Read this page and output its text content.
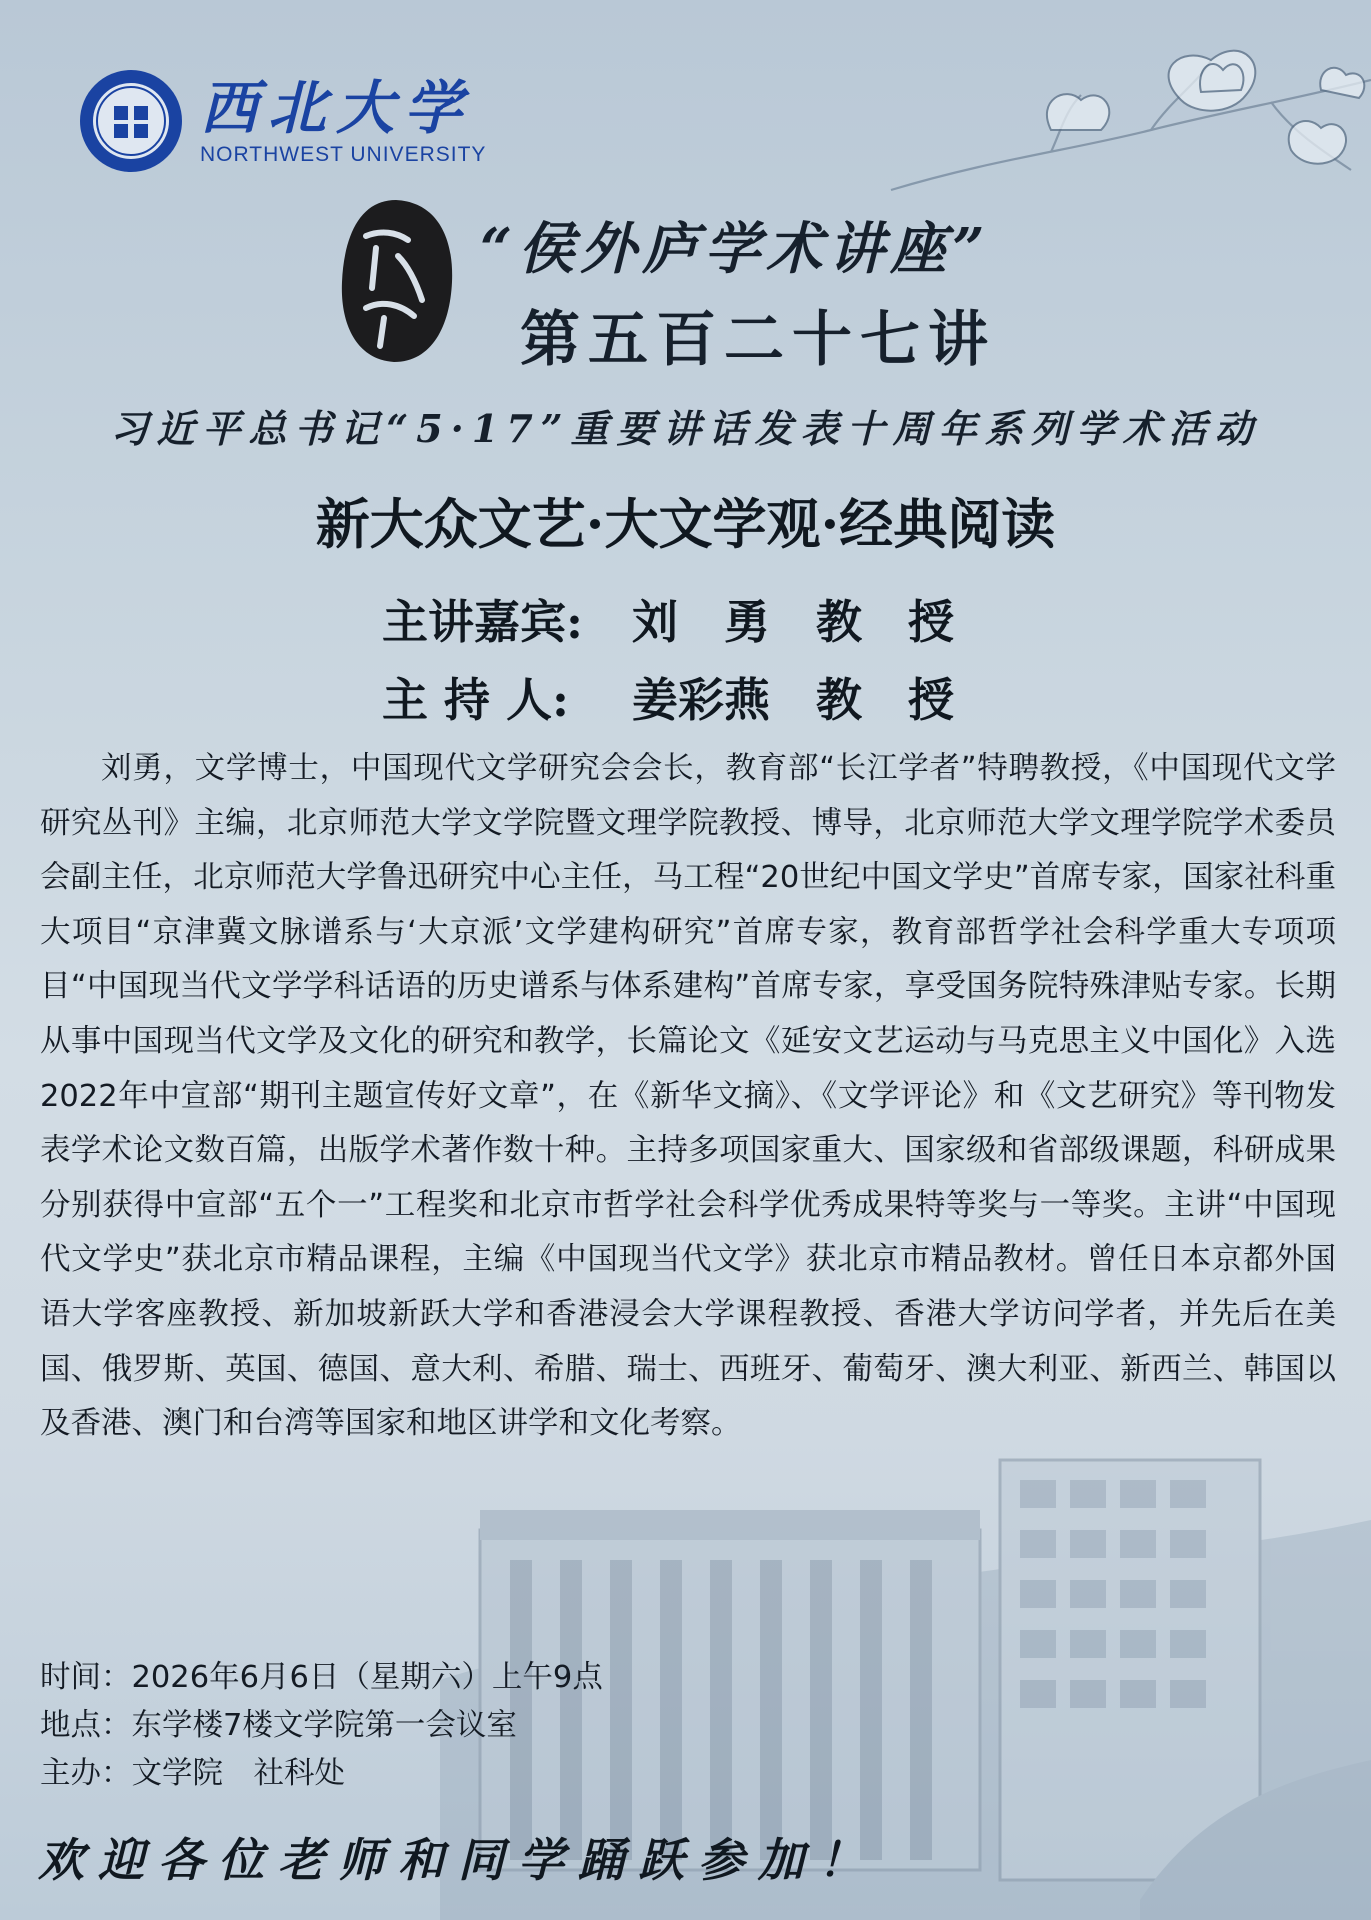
西北大学
NORTHWEST UNIVERSITY
“侯外庐学术讲座”
第五百二十七讲
习近平总书记“5·17”重要讲话发表十周年系列学术活动
新大众文艺·大文学观·经典阅读
主讲嘉宾: 刘　勇　教　授
主 持 人: 姜彩燕　教　授
刘勇，文学博士，中国现代文学研究会会长，教育部“长江学者”特聘教授，《中国现代文学研究丛刊》主编，北京师范大学文学院暨文理学院教授、博导，北京师范大学文理学院学术委员会副主任，北京师范大学鲁迅研究中心主任，马工程“20世纪中国文学史”首席专家，国家社科重大项目“京津冀文脉谱系与‘大京派’文学建构研究”首席专家，教育部哲学社会科学重大专项项目“中国现当代文学学科话语的历史谱系与体系建构”首席专家，享受国务院特殊津贴专家。长期从事中国现当代文学及文化的研究和教学，长篇论文《延安文艺运动与马克思主义中国化》入选2022年中宣部“期刊主题宣传好文章”，在《新华文摘》、《文学评论》和《文艺研究》等刊物发表学术论文数百篇，出版学术著作数十种。主持多项国家重大、国家级和省部级课题，科研成果分别获得中宣部“五个一”工程奖和北京市哲学社会科学优秀成果特等奖与一等奖。主讲“中国现代文学史”获北京市精品课程，主编《中国现当代文学》获北京市精品教材。曾任日本京都外国语大学客座教授、新加坡新跃大学和香港浸会大学课程教授、香港大学访问学者，并先后在美国、俄罗斯、英国、德国、意大利、希腊、瑞士、西班牙、葡萄牙、澳大利亚、新西兰、韩国以及香港、澳门和台湾等国家和地区讲学和文化考察。
时间：2026年6月6日（星期六）上午9点
地点：东学楼7楼文学院第一会议室
主办：文学院　社科处
欢迎各位老师和同学踊跃参加！
